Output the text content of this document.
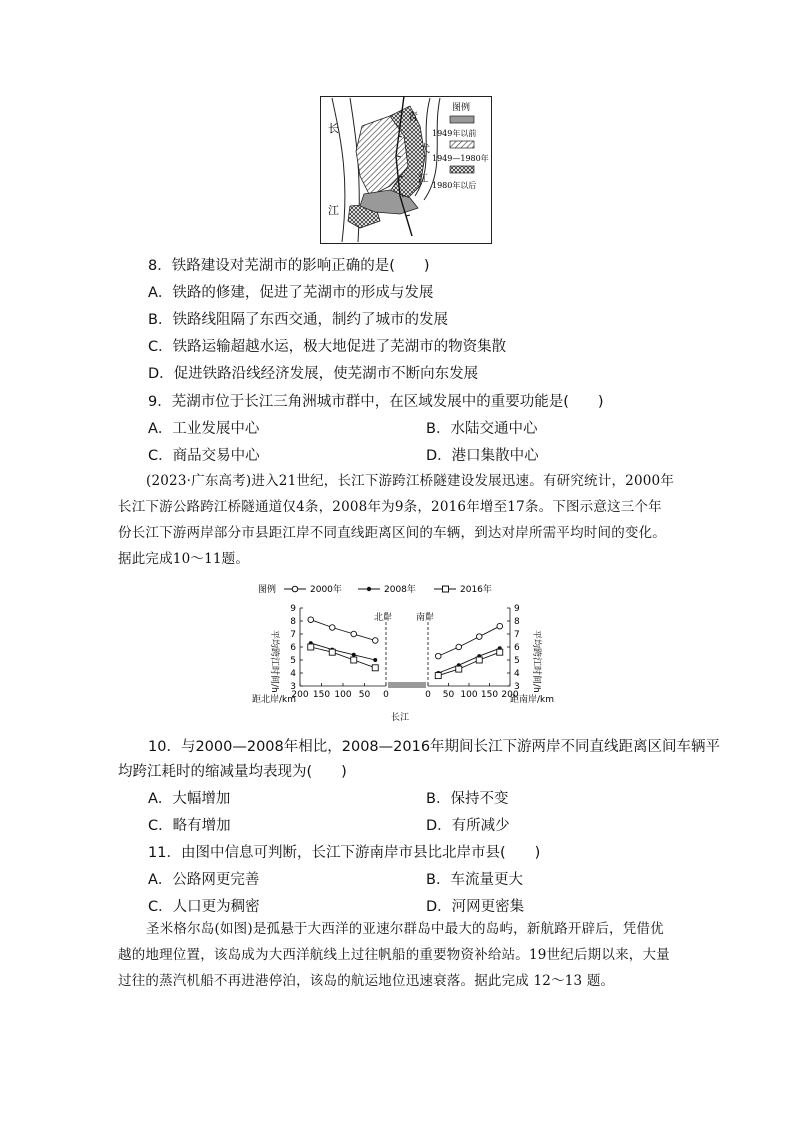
长
江
江
青
弋
图例
1949年以前
1949—1980年
1980年以后
8．铁路建设对芜湖市的影响正确的是(　　)
A．铁路的修建，促进了芜湖市的形成与发展
B．铁路线阻隔了东西交通，制约了城市的发展
C．铁路运输超越水运，极大地促进了芜湖市的物资集散
D．促进铁路沿线经济发展，使芜湖市不断向东发展
9．芜湖市位于长江三角洲城市群中，在区域发展中的重要功能是(　　)
A．工业发展中心	B．水陆交通中心
C．商品交易中心	D．港口集散中心

(2023·广东高考)进入21世纪，长江下游跨江桥隧建设发展迅速。有研究统计，2000年

长江下游公路跨江桥隧通道仅4条，2008年为9条，2016年增至17条。下图示意这三个年

份长江下游两岸部分市县距江岸不同直线距离区间的车辆，到达对岸所需平均时间的变化。

据此完成10～11题。

图例	2000年	2008年	2016年
3	3
4	4
5	5
6	6
7	7
8	8
9	9
200 150 100 50 0	0 50 100 150 200
平均跨江时间/h	平均跨江时间/h
北岸	南岸
距北岸/km	距南岸/km
长江
10．与2000—2008年相比，2008—2016年期间长江下游两岸不同直线距离区间车辆平
均跨江耗时的缩减量均表现为(　　)
A．大幅增加	B．保持不变
C．略有增加	D．有所减少
11．由图中信息可判断，长江下游南岸市县比北岸市县(　　)
A．公路网更完善	B．车流量更大
C．人口更为稠密	D．河网更密集

圣米格尔岛(如图)是孤悬于大西洋的亚速尔群岛中最大的岛屿，新航路开辟后，凭借优

越的地理位置，该岛成为大西洋航线上过往帆船的重要物资补给站。19世纪后期以来，大量

过往的蒸汽机船不再进港停泊，该岛的航运地位迅速衰落。据此完成 12～13 题。
